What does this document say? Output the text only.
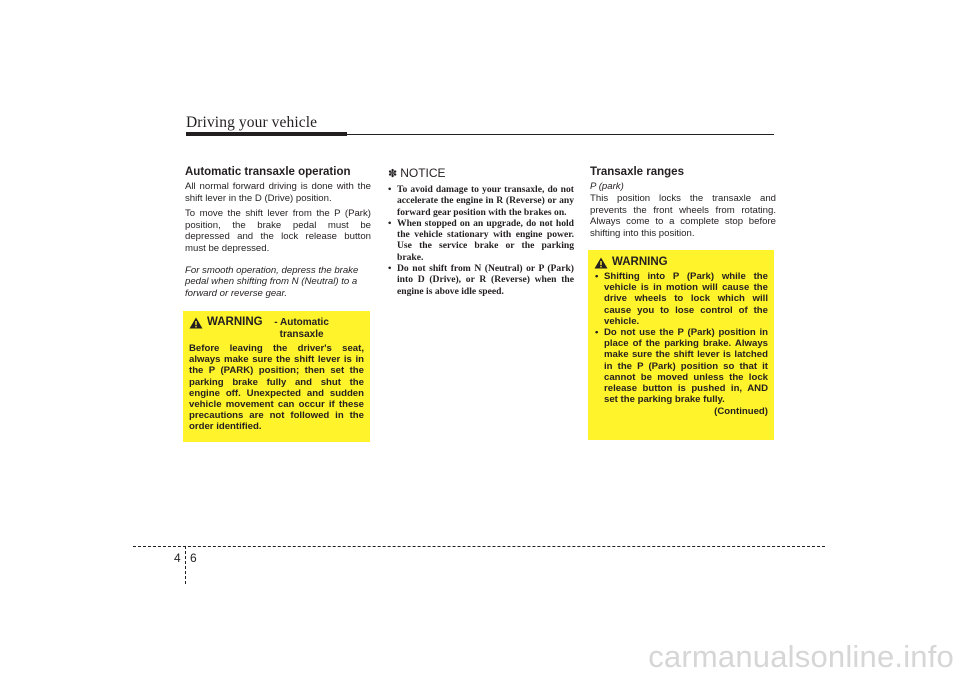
Driving your vehicle
Automatic transaxle operation

All normal forward driving is done with the shift lever in the D (Drive) position.

To move the shift lever from the P (Park) position, the brake pedal must be depressed and the lock release button must be depressed.

For smooth operation, depress the brake pedal when shifting from N (Neutral) to a forward or reverse gear.

WARNING	- Automatic transaxle
Before leaving the driver's seat, always make sure the shift lever is in the P (PARK) position; then set the parking brake fully and shut the engine off. Unexpected and sudden vehicle movement can occur if these precautions are not followed in the order identified.
✽ NOTICE
• To avoid damage to your transaxle, do not accelerate the engine in R (Reverse) or any forward gear position with the brakes on.
• When stopped on an upgrade, do not hold the vehicle stationary with engine power. Use the service brake or the parking brake.
• Do not shift from N (Neutral) or P (Park) into D (Drive), or R (Reverse) when the engine is above idle speed.
Transaxle ranges
P (park)

This position locks the transaxle and prevents the front wheels from rotating. Always come to a complete stop before shifting into this position.

WARNING
• Shifting into P (Park) while the vehicle is in motion will cause the drive wheels to lock which will cause you to lose control of the vehicle.
• Do not use the P (Park) position in place of the parking brake. Always make sure the shift lever is latched in the P (Park) position so that it cannot be moved unless the lock release button is pushed in, AND set the parking brake fully.
(Continued)
4 6
carmanualsonline.info
